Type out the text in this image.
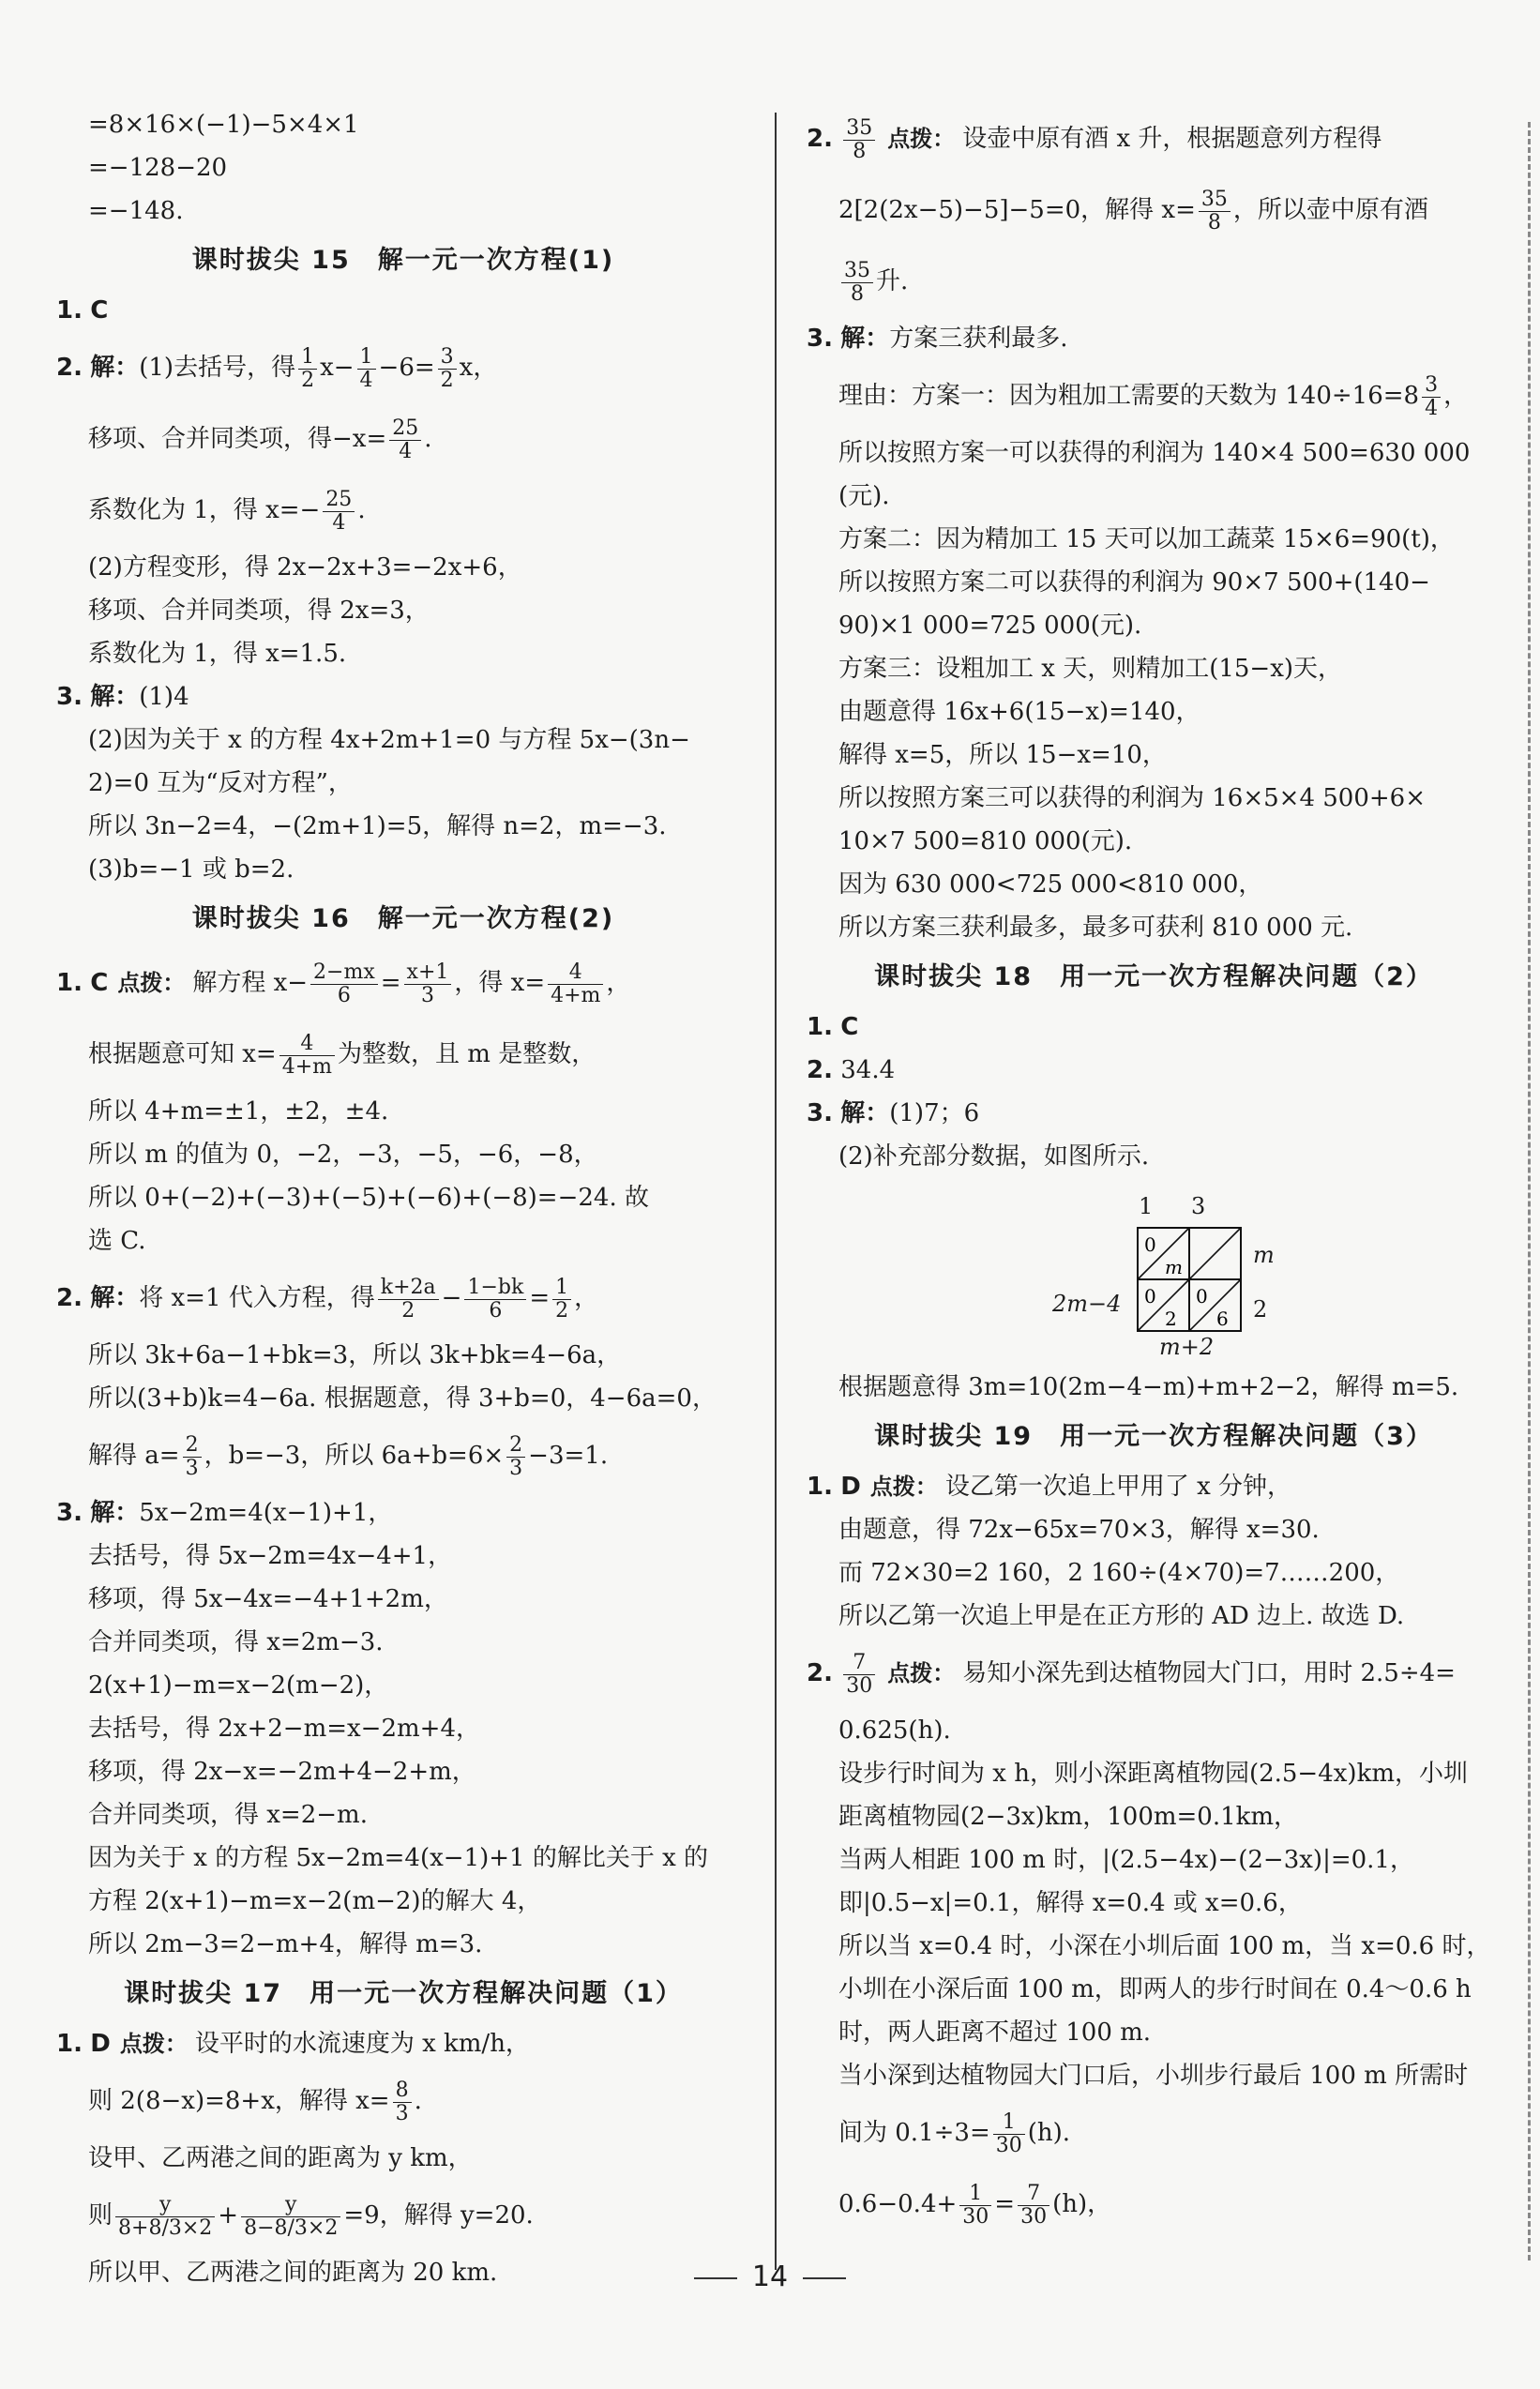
=8×16×(−1)−5×4×1
=−128−20
=−148.
课时拔尖 15　解一元一次方程(1)
1. C
2. 解：(1)去括号，得 $\frac{1}{2} x- \frac{1}{4} -6= \frac{3}{2}$ x，
移项、合并同类项，得$-x= \frac{25}{4}$ .
系数化为 1，得 $x=- \frac{25}{4}$ .
(2)方程变形，得 2x−2x+3=−2x+6，
移项、合并同类项，得 2x=3，
系数化为 1，得 x=1.5.
3. 解：(1)4
(2)因为关于 x 的方程 4x+2m+1=0 与方程 5x−(3n−
2)=0 互为“反对方程”，
所以 3n−2=4，−(2m+1)=5，解得 n=2，m=−3.
(3)b=−1 或 b=2.
课时拔尖 16　解一元一次方程(2)
1. C 点拨： 解方程 $x- \frac{2-mx}{6} = \frac{x+1}{3}$ ，得 $x= \frac{4}{4+m}$ ，
根据题意可知 $x= \frac{4}{4+m}$ 为整数，且 m 是整数，
所以 4+m=±1，±2，±4.
所以 m 的值为 0，−2，−3，−5，−6，−8，
所以 0+(−2)+(−3)+(−5)+(−6)+(−8)=−24. 故
选 C.
2. 解：将 x=1 代入方程，得 $\frac{k+2a}{2} - \frac{1-bk}{6} = \frac{1}{2}$ ，
所以 3k+6a−1+bk=3，所以 3k+bk=4−6a，
所以(3+b)k=4−6a. 根据题意，得 3+b=0，4−6a=0，
解得 $a= \frac{2}{3}$ ，b=−3，所以 $6a+b=6\times \frac{2}{3} -3=1$.
3. 解：5x−2m=4(x−1)+1，
去括号，得 5x−2m=4x−4+1，
移项，得 5x−4x=−4+1+2m，
合并同类项，得 x=2m−3.
2(x+1)−m=x−2(m−2)，
去括号，得 2x+2−m=x−2m+4，
移项，得 2x−x=−2m+4−2+m，
合并同类项，得 x=2−m.
因为关于 x 的方程 5x−2m=4(x−1)+1 的解比关于 x 的
方程 2(x+1)−m=x−2(m−2)的解大 4，
所以 2m−3=2−m+4，解得 m=3.
课时拔尖 17　用一元一次方程解决问题（1）
1. D 点拨： 设平时的水流速度为 x km/h，
则 2(8−x)=8+x，解得 $x= \frac{8}{3}$ .
设甲、乙两港之间的距离为 y km，
则 $\frac{y}{8+8/3\times 2} + \frac{y}{8-8/3\times 2} =9$，解得 y=20.
所以甲、乙两港之间的距离为 20 km.
2. $\frac{35}{8}$ 点拨： 设壶中原有酒 x 升，根据题意列方程得
2[2(2x−5)−5]−5=0，解得 $x= \frac{35}{8}$ ，所以壶中原有酒
$\frac{35}{8}$ 升.
3. 解：方案三获利最多.
理由：方案一：因为粗加工需要的天数为 $140\div 16=8 \frac{3}{4}$ ，
所以按照方案一可以获得的利润为 140×4 500=630 000
(元).
方案二：因为精加工 15 天可以加工蔬菜 15×6=90(t)，
所以按照方案二可以获得的利润为 90×7 500+(140−
90)×1 000=725 000(元).
方案三：设粗加工 x 天，则精加工(15−x)天，
由题意得 16x+6(15−x)=140，
解得 x=5，所以 15−x=10，
所以按照方案三可以获得的利润为 16×5×4 500+6×
10×7 500=810 000(元).
因为 630 000<725 000<810 000，
所以方案三获利最多，最多可获利 810 000 元.
课时拔尖 18　用一元一次方程解决问题（2）
1. C
2. 34.4
3. 解：(1)7；6
(2)补充部分数据，如图所示.
1 3
m
2
2m−4
m+2
0
m
0
2
0
6
根据题意得 3m=10(2m−4−m)+m+2−2，解得 m=5.
课时拔尖 19　用一元一次方程解决问题（3）
1. D 点拨： 设乙第一次追上甲用了 x 分钟，
由题意，得 72x−65x=70×3，解得 x=30.
而 72×30=2 160，2 160÷(4×70)=7……200，
所以乙第一次追上甲是在正方形的 AD 边上. 故选 D.
2. $\frac{7}{30}$ 点拨： 易知小深先到达植物园大门口，用时 2.5÷4=
0.625(h).
设步行时间为 x h，则小深距离植物园(2.5−4x)km，小圳
距离植物园(2−3x)km，100m=0.1km，
当两人相距 100 m 时，|(2.5−4x)−(2−3x)|=0.1，
即|0.5−x|=0.1，解得 x=0.4 或 x=0.6，
所以当 x=0.4 时，小深在小圳后面 100 m，当 x=0.6 时，
小圳在小深后面 100 m，即两人的步行时间在 0.4～0.6 h
时，两人距离不超过 100 m.
当小深到达植物园大门口后，小圳步行最后 100 m 所需时
间为 $0.1\div 3= \frac{1}{30} (h)$.
$0.6-0.4+ \frac{1}{30} = \frac{7}{30} (h)$，
14
